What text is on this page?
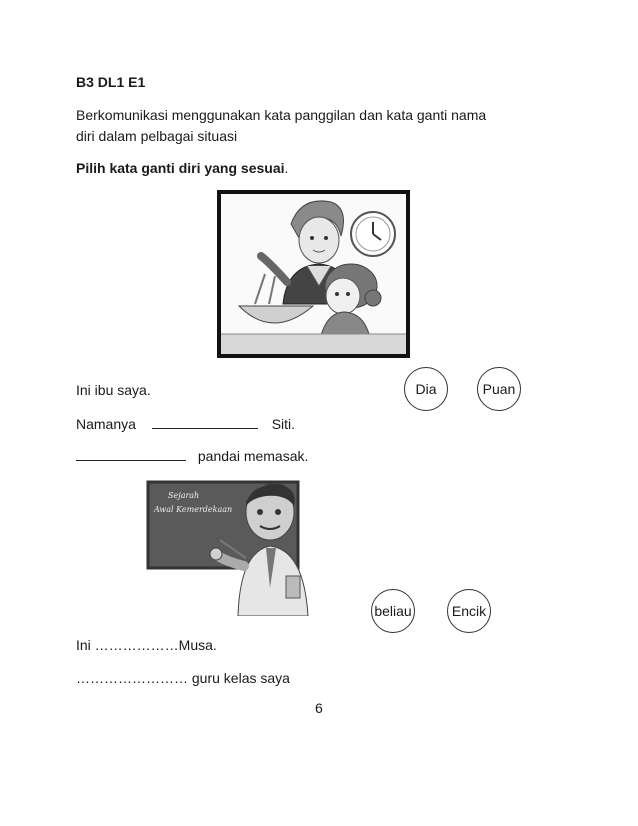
B3 DL1 E1
Berkomunikasi menggunakan kata panggilan dan kata ganti nama
diri dalam pelbagai situasi
Pilih kata ganti diri yang sesuai.
Ini ibu saya.	Dia	Puan
Namanya	Siti.
pandai memasak.
Sejarah
Awal Kemerdekaan
beliau	Encik
Ini ………………Musa.
…………………… guru kelas saya
6
